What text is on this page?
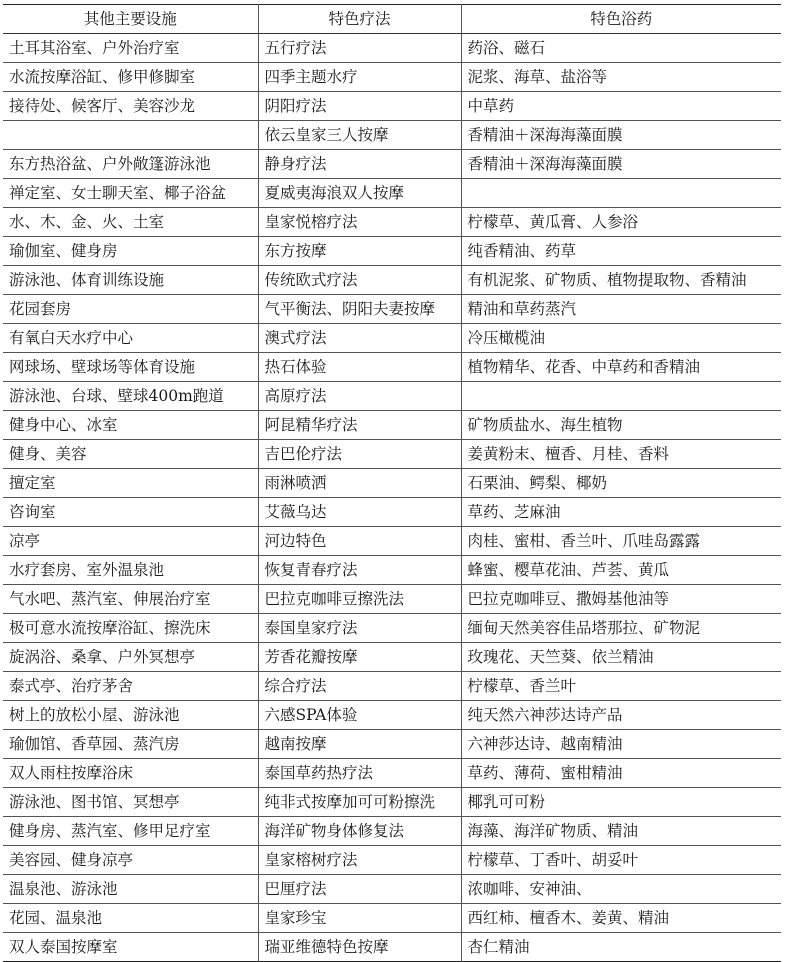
其他主要设施	特色疗法	特色浴药
土耳其浴室、户外治疗室	五行疗法	药浴、磁石
水流按摩浴缸、修甲修脚室	四季主题水疗	泥浆、海草、盐浴等
接待处、候客厅、美容沙龙	阴阳疗法	中草药
	依云皇家三人按摩	香精油＋深海海藻面膜
东方热浴盆、户外敞篷游泳池	静身疗法	香精油＋深海海藻面膜
禅定室、女士聊天室、椰子浴盆	夏威夷海浪双人按摩	
水、木、金、火、土室	皇家悦榕疗法	柠檬草、黄瓜膏、人参浴
瑜伽室、健身房	东方按摩	纯香精油、药草
游泳池、体育训练设施	传统欧式疗法	有机泥浆、矿物质、植物提取物、香精油
花园套房	气平衡法、阴阳夫妻按摩	精油和草药蒸汽
有氧白天水疗中心	澳式疗法	冷压橄榄油
网球场、壁球场等体育设施	热石体验	植物精华、花香、中草药和香精油
游泳池、台球、壁球400m跑道	高原疗法	
健身中心、冰室	阿昆精华疗法	矿物质盐水、海生植物
健身、美容	吉巴伦疗法	姜黄粉末、檀香、月桂、香料
擅定室	雨淋喷洒	石栗油、鳄梨、椰奶
咨询室	艾薇乌达	草药、芝麻油
凉亭	河边特色	肉桂、蜜柑、香兰叶、爪哇岛露露
水疗套房、室外温泉池	恢复青春疗法	蜂蜜、樱草花油、芦荟、黄瓜
气水吧、蒸汽室、伸展治疗室	巴拉克咖啡豆擦洗法	巴拉克咖啡豆、撒姆基他油等
极可意水流按摩浴缸、擦洗床	泰国皇家疗法	缅甸天然美容佳品塔那拉、矿物泥
旋涡浴、桑拿、户外冥想亭	芳香花瓣按摩	玫瑰花、天竺葵、依兰精油
泰式亭、治疗茅舍	综合疗法	柠檬草、香兰叶
树上的放松小屋、游泳池	六感SPA体验	纯天然六神莎达诗产品
瑜伽馆、香草园、蒸汽房	越南按摩	六神莎达诗、越南精油
双人雨柱按摩浴床	泰国草药热疗法	草药、薄荷、蜜柑精油
游泳池、图书馆、冥想亭	纯非式按摩加可可粉擦洗	椰乳可可粉
健身房、蒸汽室、修甲足疗室	海洋矿物身体修复法	海藻、海洋矿物质、精油
美容园、健身凉亭	皇家榕树疗法	柠檬草、丁香叶、胡妥叶
温泉池、游泳池	巴厘疗法	浓咖啡、安神油、
花园、温泉池	皇家珍宝	西红柿、檀香木、姜黄、精油
双人泰国按摩室	瑞亚维德特色按摩	杏仁精油
